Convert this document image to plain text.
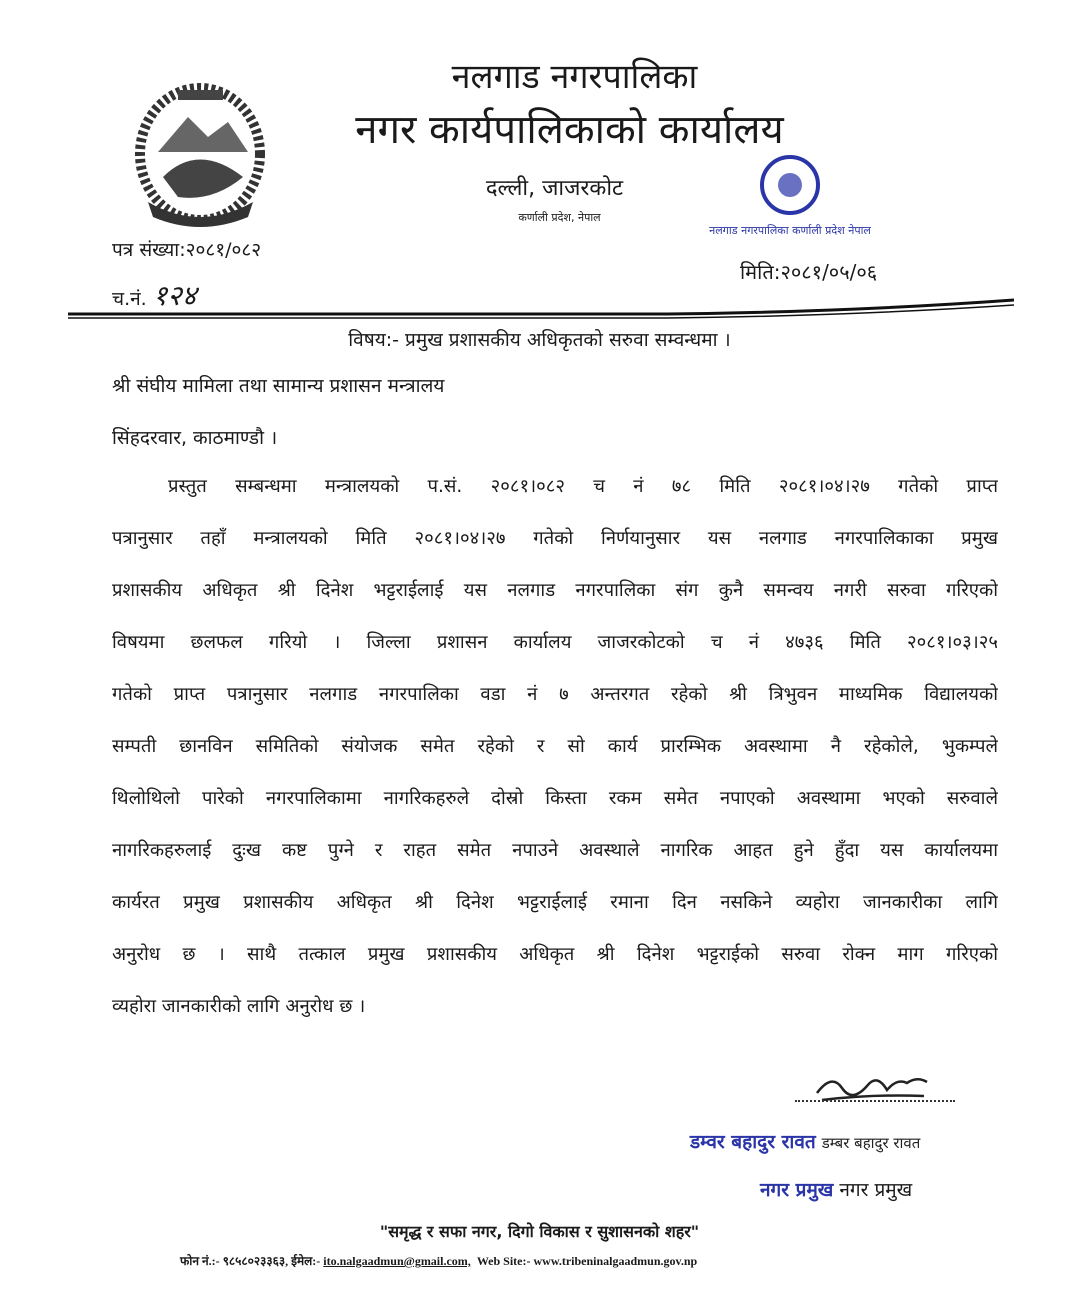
नलगाड नगरपालिका कर्णाली प्रदेश नेपाल
नलगाड नगरपालिका
नगर कार्यपालिकाको कार्यालय
दल्ली, जाजरकोट
कर्णाली प्रदेश, नेपाल
पत्र संख्या:२०८१/०८२
च.नं. १२४
मिति:२०८१/०५/०६
विषय:- प्रमुख प्रशासकीय अधिकृतको सरुवा सम्वन्धमा ।
श्री संघीय मामिला तथा सामान्य प्रशासन मन्त्रालय
सिंहदरवार, काठमाण्डौ ।
प्रस्तुत सम्बन्धमा मन्त्रालयको प.सं. २०८१।०८२ च नं ७८ मिति २०८१।०४।२७ गतेको प्राप्त
पत्रानुसार तहाँ मन्त्रालयको मिति २०८१।०४।२७ गतेको निर्णयानुसार यस नलगाड नगरपालिकाका प्रमुख
प्रशासकीय अधिकृत श्री दिनेश भट्टराईलाई यस नलगाड नगरपालिका संग कुनै समन्वय नगरी सरुवा गरिएको
विषयमा छलफल गरियो । जिल्ला प्रशासन कार्यालय जाजरकोटको च नं ४७३६ मिति २०८१।०३।२५
गतेको प्राप्त पत्रानुसार नलगाड नगरपालिका वडा नं ७ अन्तरगत रहेको श्री त्रिभुवन माध्यमिक विद्यालयको
सम्पती छानविन समितिको संयोजक समेत रहेको र सो कार्य प्रारम्भिक अवस्थामा नै रहेकोले, भुकम्पले
थिलोथिलो पारेको नगरपालिकामा नागरिकहरुले दोस्रो किस्ता रकम समेत नपाएको अवस्थामा भएको सरुवाले
नागरिकहरुलाई दुःख कष्ट पुग्ने र राहत समेत नपाउने अवस्थाले नागरिक आहत हुने हुँदा यस कार्यालयमा
कार्यरत प्रमुख प्रशासकीय अधिकृत श्री दिनेश भट्टराईलाई रमाना दिन नसकिने व्यहोरा जानकारीका लागि
अनुरोध छ । साथै तत्काल प्रमुख प्रशासकीय अधिकृत श्री दिनेश भट्टराईको सरुवा रोक्न माग गरिएको
व्यहोरा जानकारीको लागि अनुरोध छ ।
डम्वर बहादुर रावत डम्बर बहादुर रावत
नगर प्रमुख नगर प्रमुख
"समृद्ध र सफा नगर, दिगो विकास र सुशासनको शहर"
फोन नं.:- ९८५८०२३३६३, ईमेल:- ito.nalgaadmun@gmail.com, Web Site:- www.tribeninalgaadmun.gov.np
